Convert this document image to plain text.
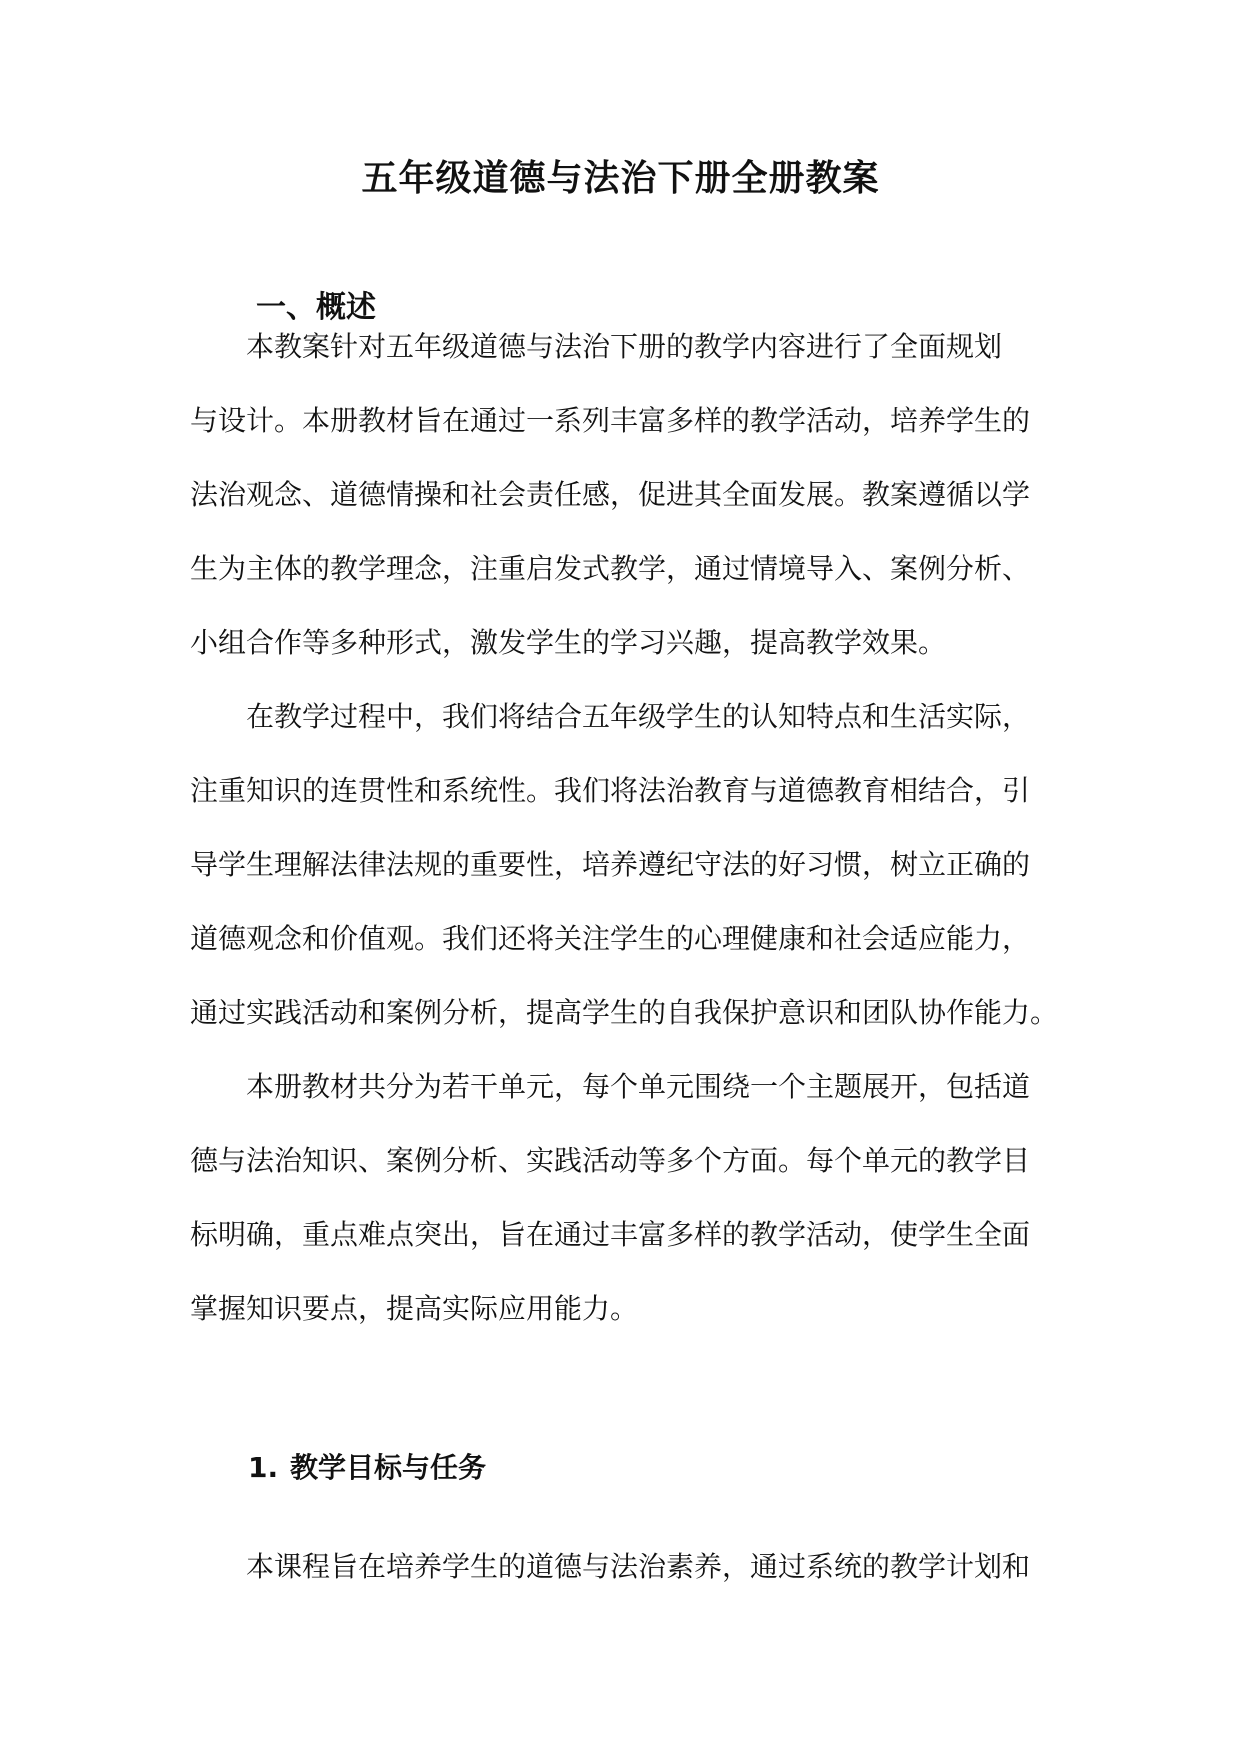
五年级道德与法治下册全册教案
一、概述

本教案针对五年级道德与法治下册的教学内容进行了全面规划
与设计。本册教材旨在通过一系列丰富多样的教学活动，培养学生的
法治观念、道德情操和社会责任感，促进其全面发展。教案遵循以学
生为主体的教学理念，注重启发式教学，通过情境导入、案例分析、
小组合作等多种形式，激发学生的学习兴趣，提高教学效果。

在教学过程中，我们将结合五年级学生的认知特点和生活实际，
注重知识的连贯性和系统性。我们将法治教育与道德教育相结合，引
导学生理解法律法规的重要性，培养遵纪守法的好习惯，树立正确的
道德观念和价值观。我们还将关注学生的心理健康和社会适应能力，
通过实践活动和案例分析，提高学生的自我保护意识和团队协作能力。

本册教材共分为若干单元，每个单元围绕一个主题展开，包括道
德与法治知识、案例分析、实践活动等多个方面。每个单元的教学目
标明确，重点难点突出，旨在通过丰富多样的教学活动，使学生全面
掌握知识要点，提高实际应用能力。

1. 教学目标与任务

本课程旨在培养学生的道德与法治素养，通过系统的教学计划和
